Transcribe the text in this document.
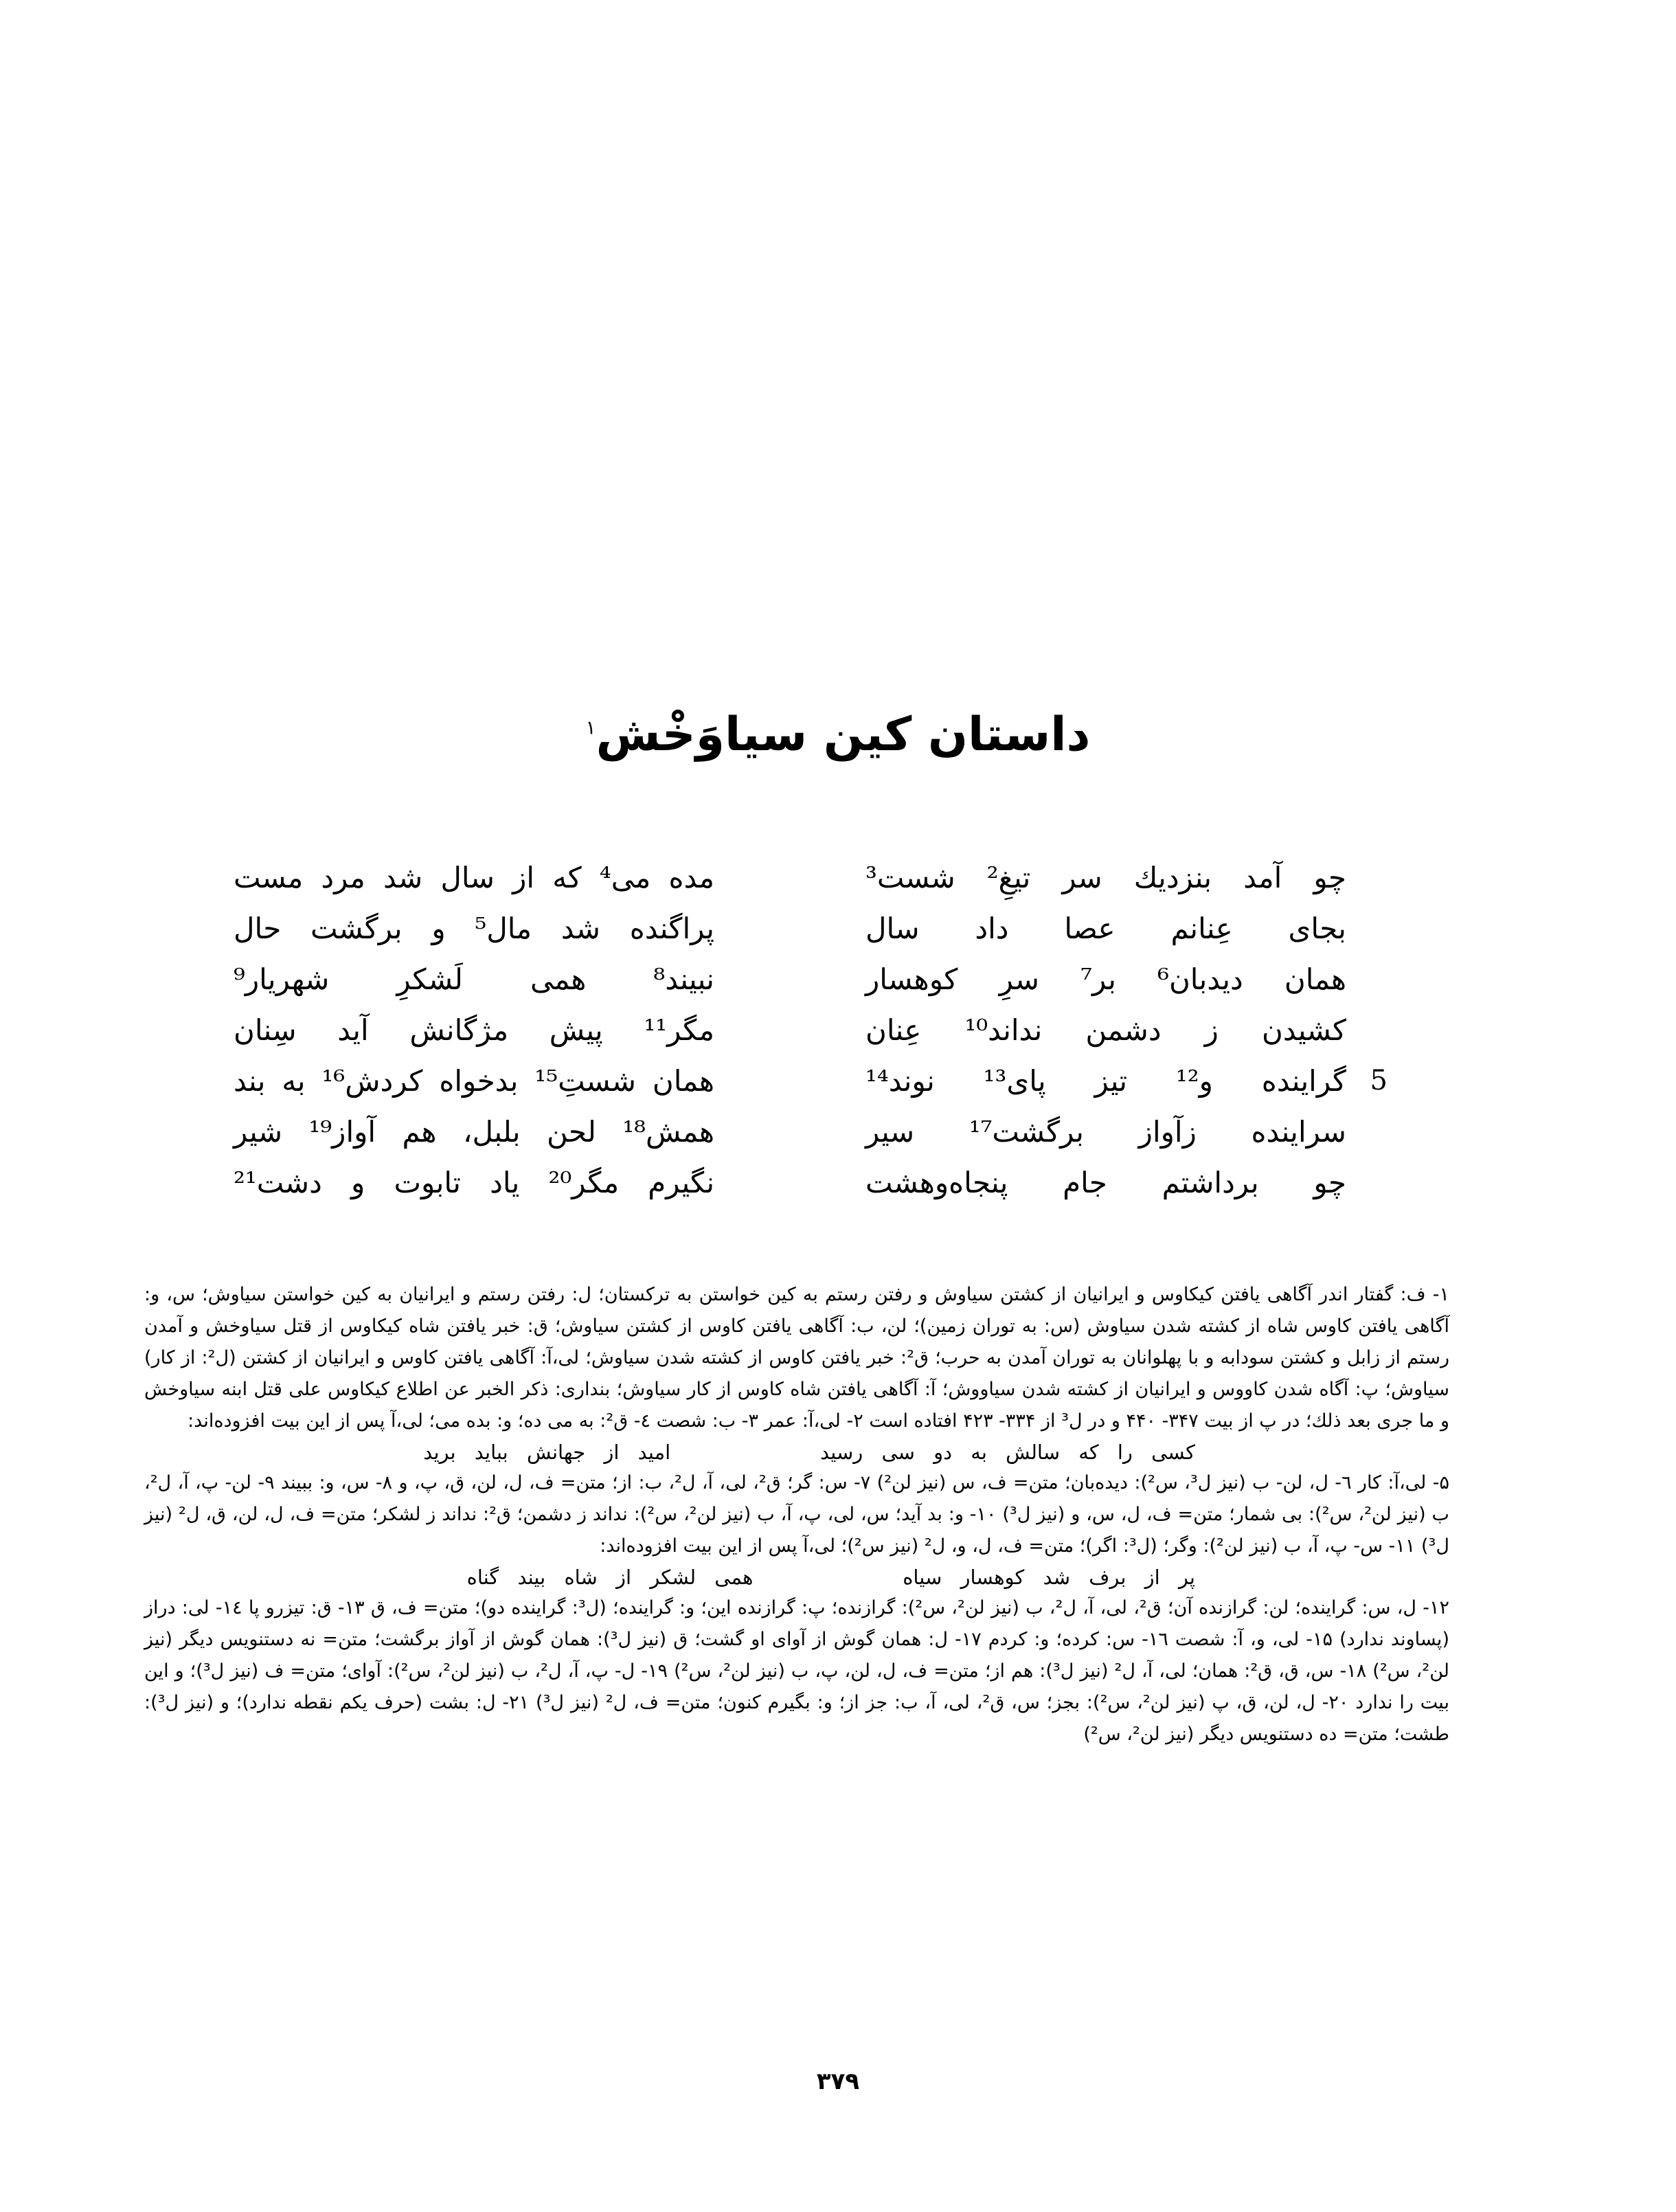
داستان کین سیاوَخْش$^۱$
چو آمد بنزدیك سر تیغِ² شست³
مده می⁴ که از سال شد مرد مست
بجای عِنانم عصا داد سال
پراگنده شد مال⁵ و برگشت حال
همان دیدبان⁶ بر⁷ سرِ کوهسار
نبیند⁸ همی لَشکرِ شهریار⁹
کشیدن ز دشمن نداند¹⁰ عِنان
مگر¹¹ پیش مژگانش آید سِنان
5
گراینده و¹² تیز پای¹³ نوند¹⁴
همان شستِ¹⁵ بدخواه کردش¹⁶ به بند
سراینده زآواز برگشت¹⁷ سیر
همش¹⁸ لحن بلبل، هم آواز¹⁹ شیر
چو برداشتم جام پنجاه‌وهشت
نگیرم مگر²⁰ یاد تابوت و دشت²¹
۱- ف: گفتار اندر آگاهی یافتن کیکاوس و ایرانیان از کشتن سیاوش و رفتن رستم به کین خواستن به ترکستان؛ ل: رفتن رستم و ایرانیان به کین خواستن سیاوش؛ س، و: آگاهی یافتن کاوس شاه از کشته شدن سیاوش (س: به توران زمین)؛ لن، ب: آگاهی یافتن کاوس از کشتن سیاوش؛ ق: خبر یافتن شاه کیکاوس از قتل سیاوخش و آمدن رستم از زابل و کشتن سودابه و با پهلوانان به توران آمدن به حرب؛ ق²: خبر یافتن کاوس از کشته شدن سیاوش؛ لی،آ: آگاهی یافتن کاوس و ایرانیان از کشتن (ل²: از کار) سیاوش؛ پ: آگاه شدن کاووس و ایرانیان از کشته شدن سیاووش؛ آ: آگاهی یافتن شاه کاوس از کار سیاوش؛ بنداری: ذکر الخبر عن اطلاع کیکاوس علی قتل ابنه سیاوخش و ما جری بعد ذلك؛ در پ از بیت ۳۴۷- ۴۴۰ و در ل³ از ۳۳۴- ۴۲۳ افتاده است ۲- لی،آ: عمر ۳- ب: شصت ٤- ق²: به می ده؛ و: بده می؛ لی،آ پس از این بیت افزوده‌اند:
کسی را که سالش به دو سی رسید        امید از جهانش بباید برید
۵- لی،آ: کار ٦- ل، لن- ب (نیز ل³، س²): دیده‌بان؛ متن= ف، س (نیز لن²) ۷- س: گر؛ ق²، لی، آ، ل²، ب: از؛ متن= ف، ل، لن، ق، پ، و ۸- س، و: ببیند ۹- لن- پ، آ، ل²، ب (نیز لن²، س²): بی شمار؛ متن= ف، ل، س، و (نیز ل³) ۱۰- و: بد آید؛ س، لی، پ، آ، ب (نیز لن²، س²): نداند ز دشمن؛ ق²: نداند ز لشکر؛ متن= ف، ل، لن، ق، ل² (نیز ل³) ۱۱- س- پ، آ، ب (نیز لن²): وگر؛ (ل³: اگر)؛ متن= ف، ل، و، ل² (نیز س²)؛ لی،آ پس از این بیت افزوده‌اند:
پر از برف شد کوهسار سیاه        همی لشکر از شاه بیند گناه
۱۲- ل، س: گراینده؛ لن: گرازنده آن؛ ق²، لی، آ، ل²، ب (نیز لن²، س²): گرازنده؛ پ: گرازنده این؛ و: گراینده؛ (ل³: گراینده دو)؛ متن= ف، ق ۱۳- ق: تیزرو پا ١٤- لی: دراز (پساوند ندارد) ۱۵- لی، و، آ: شصت ١٦- س: کرده؛ و: کردم ۱۷- ل: همان گوش از آوای او گشت؛ ق (نیز ل³): همان گوش از آواز برگشت؛ متن= نه دستنویس دیگر (نیز لن²، س²) ۱۸- س، ق، ق²: همان؛ لی، آ، ل² (نیز ل³): هم از؛ متن= ف، ل، لن، پ، ب (نیز لن²، س²) ۱۹- ل- پ، آ، ل²، ب (نیز لن²، س²): آوای؛ متن= ف (نیز ل³)؛ و این بیت را ندارد ۲۰- ل، لن، ق، پ (نیز لن²، س²): بجز؛ س، ق²، لی، آ، ب: جز از؛ و: بگیرم کنون؛ متن= ف، ل² (نیز ل³) ۲۱- ل: بشت (حرف یکم نقطه ندارد)؛ و (نیز ل³): طشت؛ متن= ده دستنویس دیگر (نیز لن²، س²)
۳۷۹
